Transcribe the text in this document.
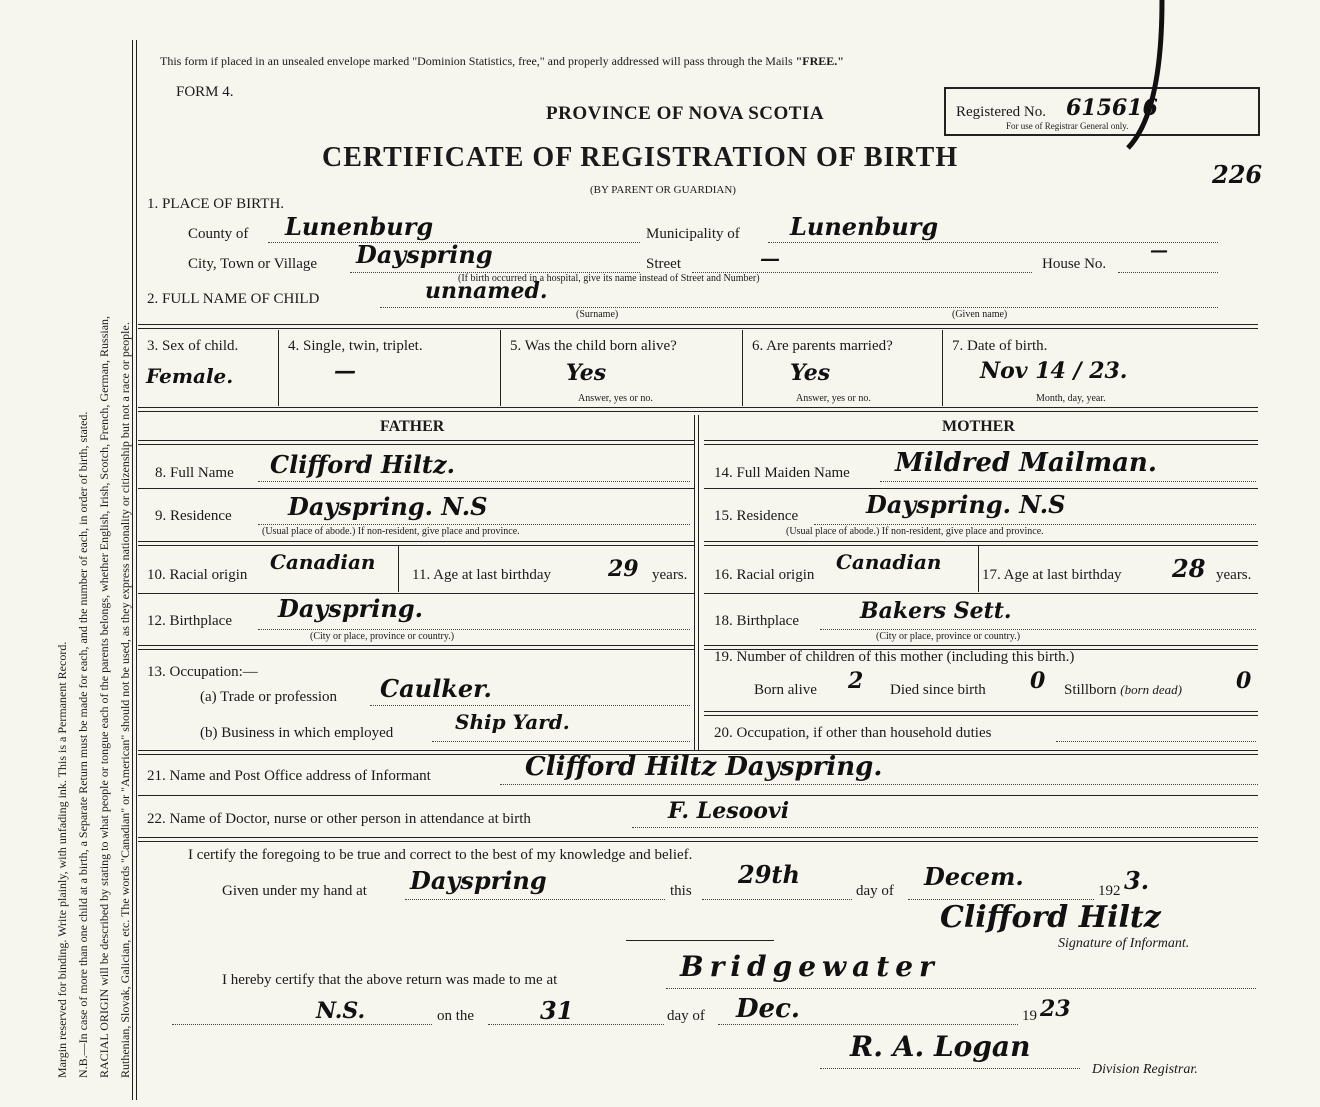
Margin reserved for binding. Write plainly, with unfading ink. This is a Permanent Record. N.B.—In case of more than one child at a birth, a Separate Return must be made for each, and the number of each, in order of birth, stated. RACIAL ORIGIN will be described by stating to what people or tongue each of the parents belongs, whether English, Irish, Scotch, French, German, Russian, Ruthenian, Slovak, Galician, etc. The words "Canadian" or "American" should not be used, as they express nationality or citizenship but not a race or people.
This form if placed in an unsealed envelope marked "Dominion Statistics, free," and properly addressed will pass through the Mails "FREE."
FORM 4.
PROVINCE OF NOVA SCOTIA
CERTIFICATE OF REGISTRATION OF BIRTH
(BY PARENT OR GUARDIAN)
Registered No. 615616
For use of Registrar General only.
226
1. PLACE OF BIRTH.
County of Lunenburg	Municipality of Lunenburg
City, Town or Village Dayspring	Street	—	House No.
—
(If birth occurred in a hospital, give its name instead of Street and Number)
2. FULL NAME OF CHILD	unnamed.
(Surname)	(Given name)
3. Sex of child.
Female.
4. Single, twin, triplet.
—
5. Was the child born alive?
Yes
Answer, yes or no.
6. Are parents married?
Yes
Answer, yes or no.
7. Date of birth.
Nov 14 / 23.
Month, day, year.
FATHER	MOTHER
8. Full Name Clifford Hiltz.
9. Residence Dayspring. N.S
(Usual place of abode.) If non-resident, give place and province.
10. Racial origin
Canadian
11. Age at last birthday	29 years.
12. Birthplace Dayspring.
(City or place, province or country.)
13. Occupation:—
(a) Trade or profession Caulker.
(b) Business in which employed	Ship Yard.
14. Full Maiden Name Mildred Mailman.
15. Residence	Dayspring. N.S
(Usual place of abode.) If non-resident, give place and province.
16. Racial origin
Canadian
17. Age at last birthday 28 years.
18. Birthplace	Bakers Sett.
(City or place, province or country.)
19. Number of children of this mother (including this birth.)
Born alive 2 Died since birth 0 Stillborn (born dead) 0
20. Occupation, if other than household duties
21. Name and Post Office address of Informant	Clifford Hiltz Dayspring.
22. Name of Doctor, nurse or other person in attendance at birth	F. Lesoovi
I certify the foregoing to be true and correct to the best of my knowledge and belief.
Given under my hand at Dayspring	this
29th
day of Decem.	192 3.
Clifford Hiltz
Signature of Informant.
I hereby certify that the above return was made to me at	Bridgewater
N.S.	on the	31	day of Dec.	19 23
R. A. Logan
Division Registrar.
